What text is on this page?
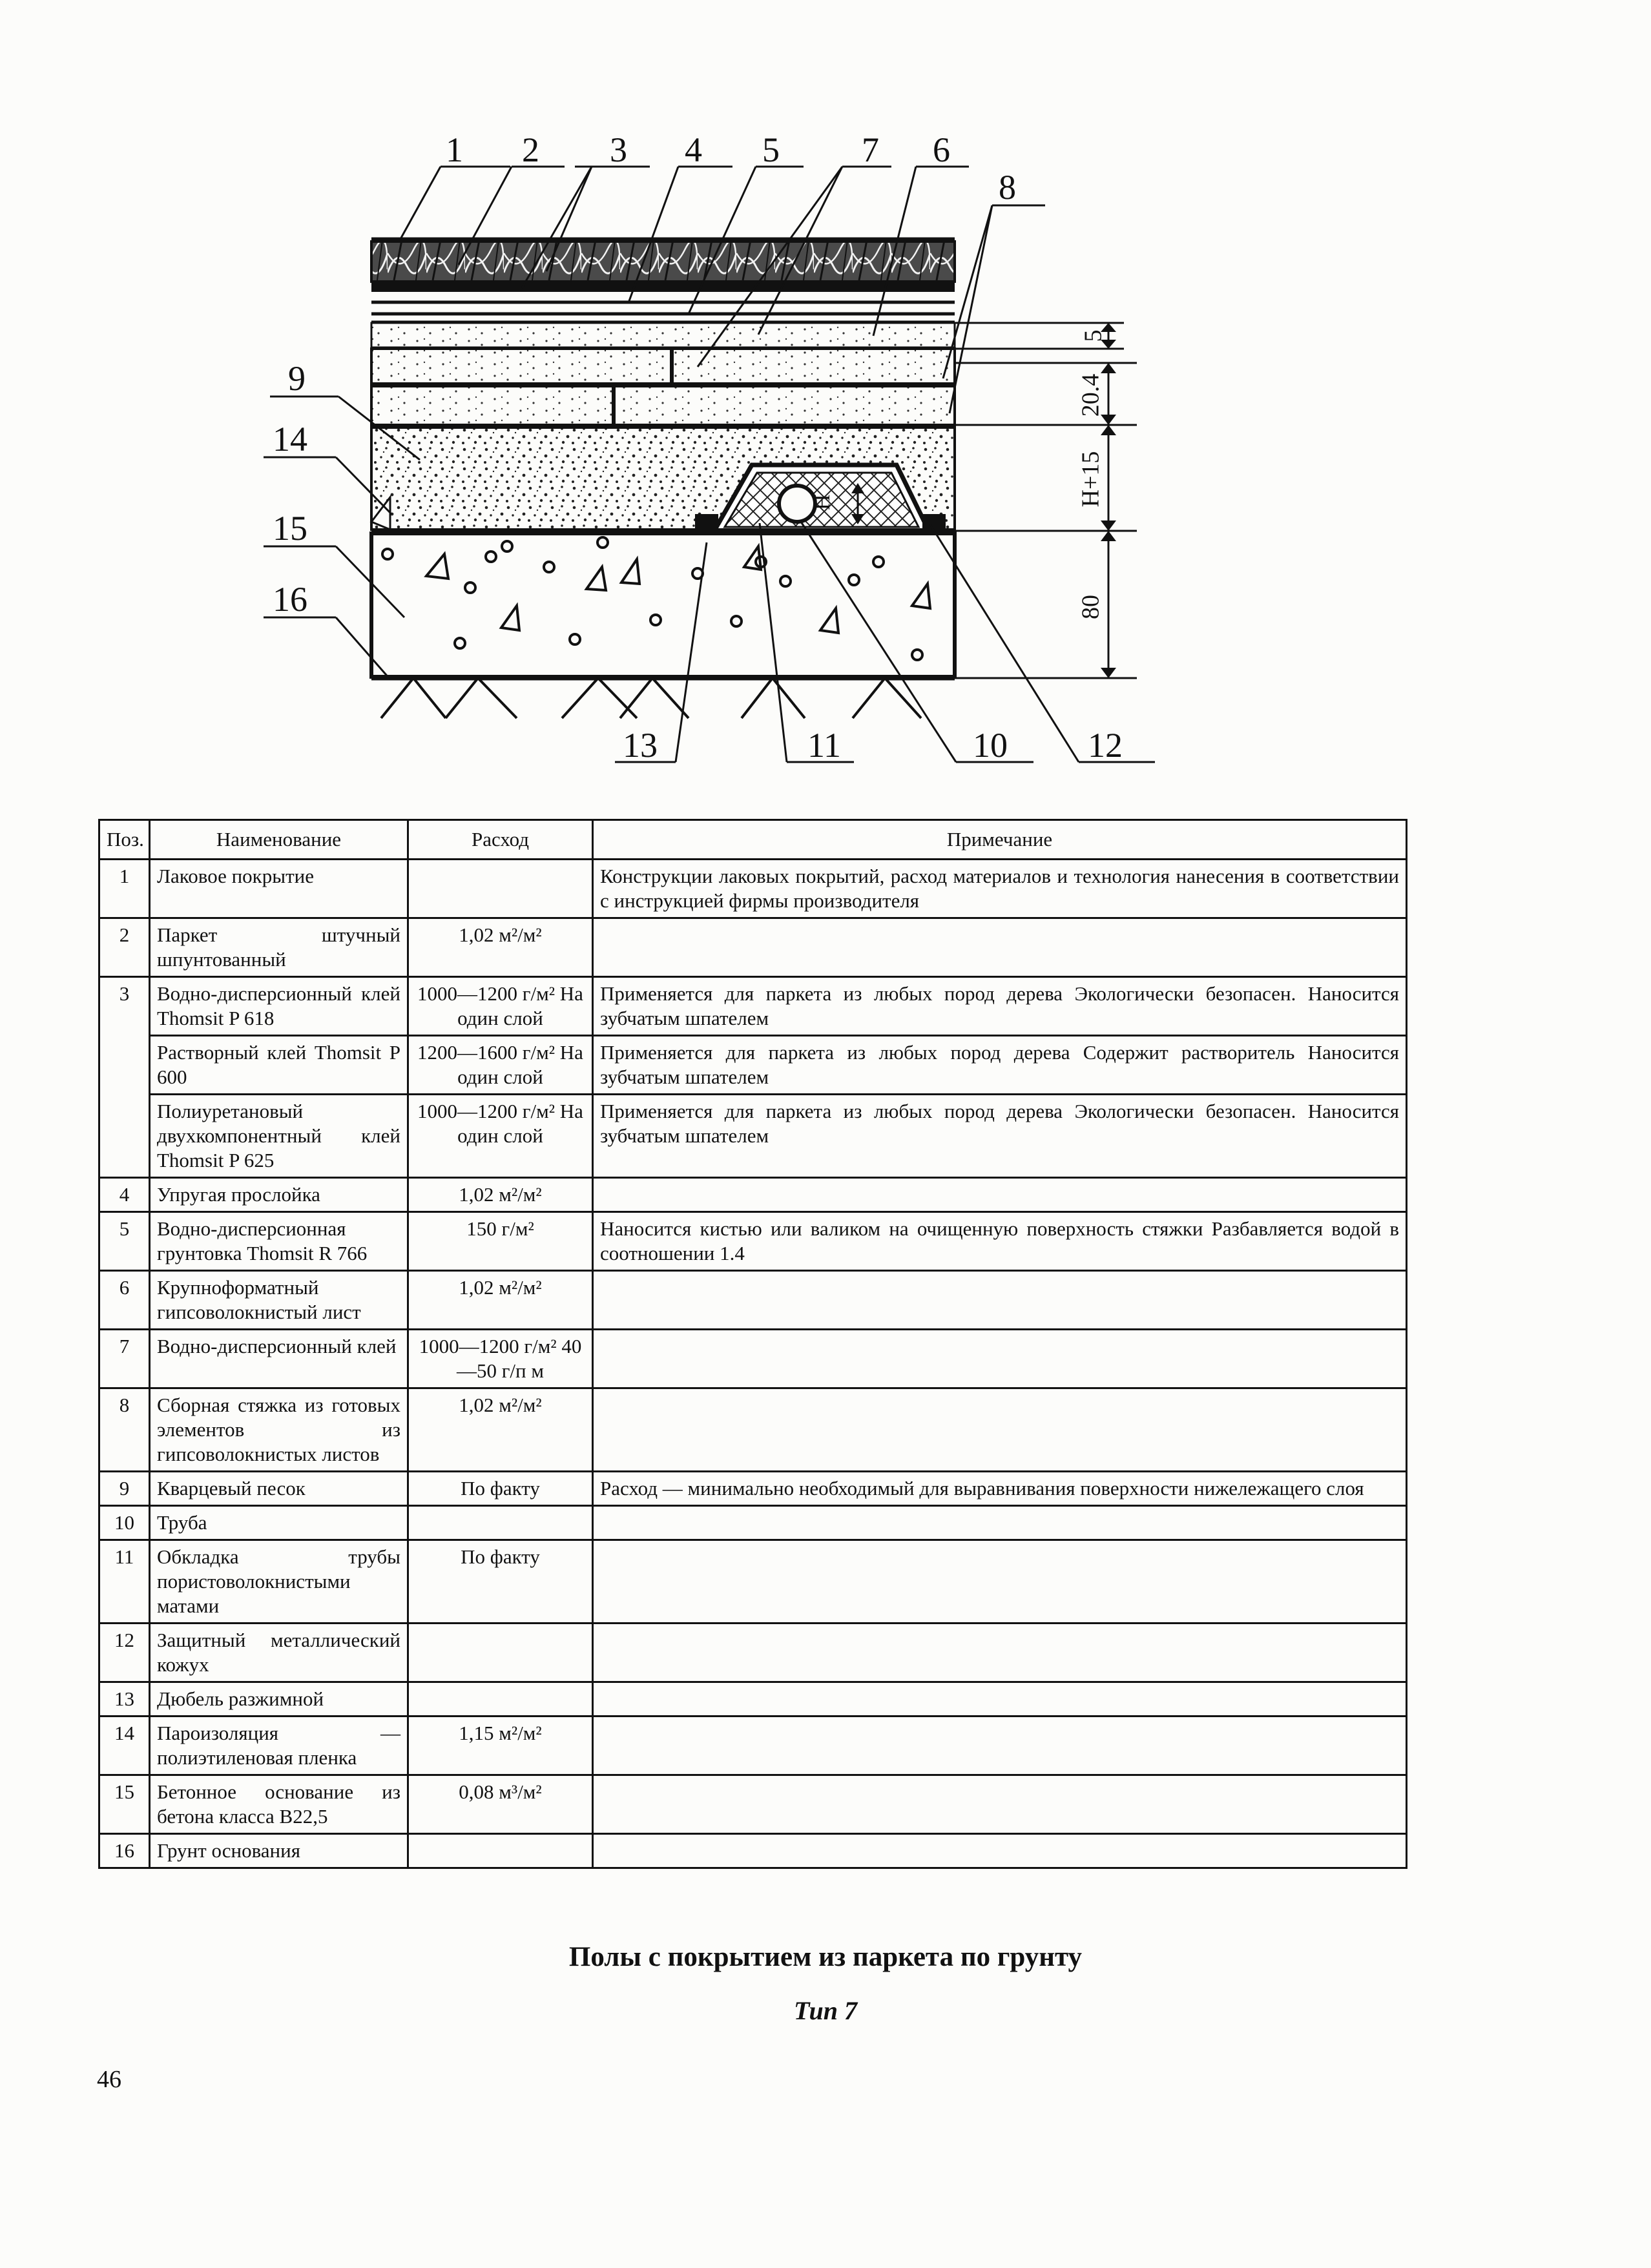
H
5
20.4
H+15
80
1 2 3 4 5 7 6
8
9
14
15
16
13	11	10 12
Поз.	Наименование	Расход	Примечание
1	Лаковое покрытие		Конструкции лаковых покрытий, расход материалов и технология нанесения в соответствии с инструкцией фирмы производителя
2	Паркет штучный шпунтованный	1,02 м²/м²	
3	Водно-дисперсионный клей Thomsit P 618	1000—1200 г/м² На один слой	Применяется для паркета из любых пород дерева Экологически безопасен. Наносится зубчатым шпателем
	Растворный клей Thomsit P 600	1200—1600 г/м² На один слой	Применяется для паркета из любых пород дерева Содержит растворитель Наносится зубчатым шпателем
	Полиуретановый двухкомпонентный клей Thomsit P 625	1000—1200 г/м² На один слой	Применяется для паркета из любых пород дерева Экологически безопасен. Наносится зубчатым шпателем
4	Упругая прослойка	1,02 м²/м²	
5	Водно-дисперсионная грунтовка Thomsit R 766	150 г/м²	Наносится кистью или валиком на очищенную поверхность стяжки Разбавляется водой в соотношении 1.4
6	Крупноформатный гипсоволокнистый лист	1,02 м²/м²	
7	Водно-дисперсионный клей	1000—1200 г/м² 40—50 г/п м	
8	Сборная стяжка из готовых элементов из гипсоволокнистых листов	1,02 м²/м²	
9	Кварцевый песок	По факту	Расход — минимально необходимый для выравнивания поверхности нижележащего слоя
10	Труба		
11	Обкладка трубы пористоволокнистыми матами	По факту	
12	Защитный металлический кожух		
13	Дюбель разжимной		
14	Пароизоляция — полиэтиленовая пленка	1,15 м²/м²	
15	Бетонное основание из бетона класса B22,5	0,08 м³/м²	
16	Грунт основания		
Полы с покрытием из паркета по грунту
Тип 7
46
